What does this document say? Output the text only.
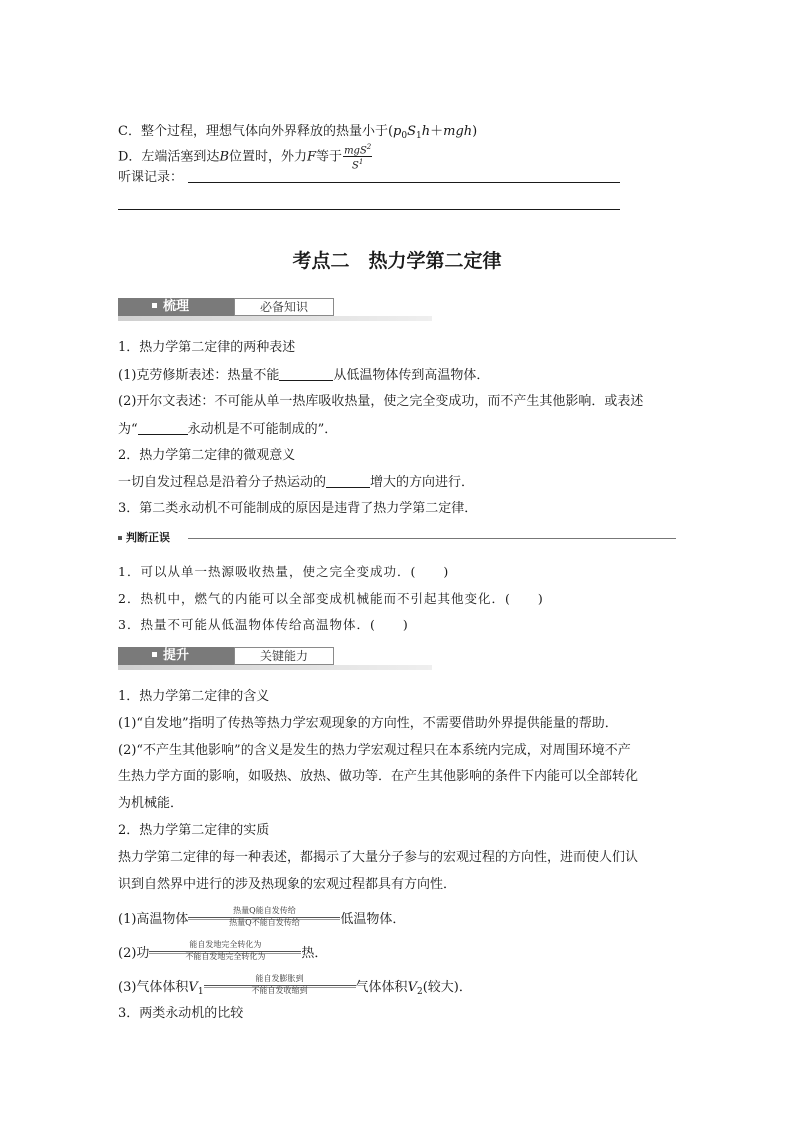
C．整个过程，理想气体向外界释放的热量小于$(p_0S_1h+mgh)$
D．左端活塞到达B位置时，外力F等于 $\frac{mgS^2}{S^1}$
听课记录：
考点二　热力学第二定律
梳理	必备知识
1．热力学第二定律的两种表述
(1)克劳修斯表述：热量不能	从低温物体传到高温物体．
(2)开尔文表述：不可能从单一热库吸收热量，使之完全变成功，而不产生其他影响．或表述
为“	永动机是不可能制成的”．
2．热力学第二定律的微观意义
一切自发过程总是沿着分子热运动的	增大的方向进行．
3．第二类永动机不可能制成的原因是违背了热力学第二定律．
判断正误
1．可以从单一热源吸收热量，使之完全变成功．(　　)
2．热机中，燃气的内能可以全部变成机械能而不引起其他变化．(　　)
3．热量不可能从低温物体传给高温物体．(　　)
提升	关键能力
1．热力学第二定律的含义
(1)“自发地”指明了传热等热力学宏观现象的方向性，不需要借助外界提供能量的帮助．
(2)“不产生其他影响”的含义是发生的热力学宏观过程只在本系统内完成，对周围环境不产
生热力学方面的影响，如吸热、放热、做功等．在产生其他影响的条件下内能可以全部转化
为机械能．
2．热力学第二定律的实质
热力学第二定律的每一种表述，都揭示了大量分子参与的宏观过程的方向性，进而使人们认
识到自然界中进行的涉及热现象的宏观过程都具有方向性．
(1)高温物体
热量Q能自发传给
热量Q不能自发传给	低温物体．
(2)功
能自发地完全转化为
不能自发地完全转化为	热．
(3)气体体积$V_1$
能自发膨胀到
不能自发收缩到	气体体积$V_2$(较大)．
3．两类永动机的比较
